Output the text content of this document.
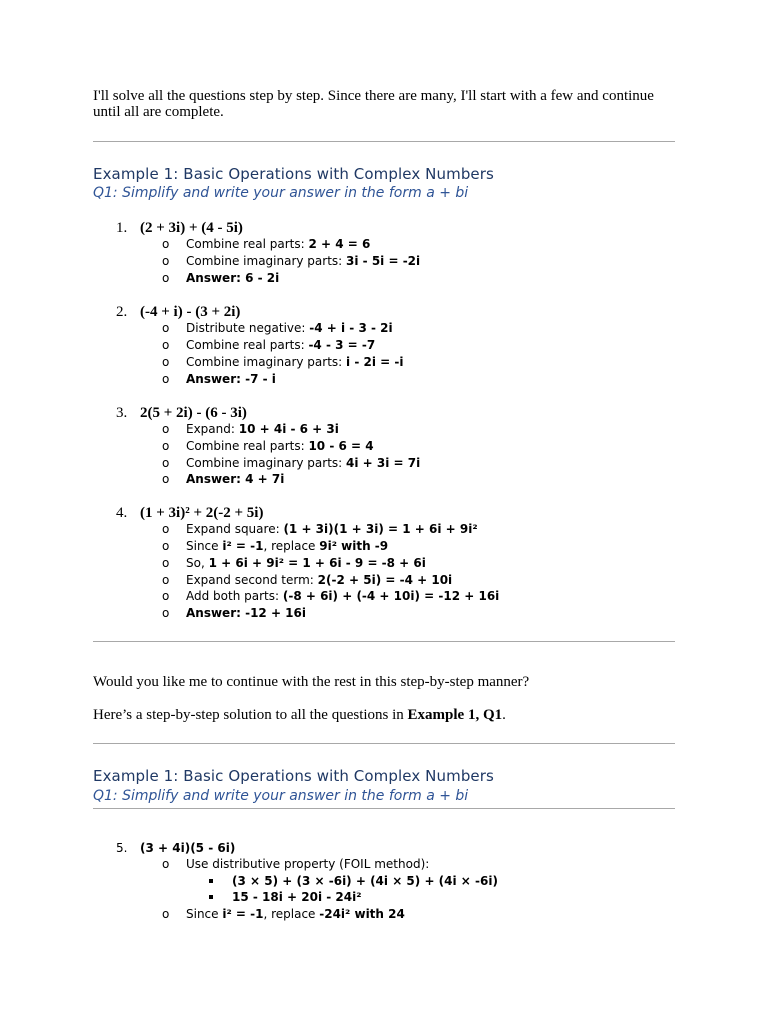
I'll solve all the questions step by step. Since there are many, I'll start with a few and continue until all are complete.
Example 1: Basic Operations with Complex Numbers
Q1: Simplify and write your answer in the form a + bi
1. (2 + 3i) + (4 - 5i)
o Combine real parts: 2 + 4 = 6
o Combine imaginary parts: 3i - 5i = -2i
o Answer: 6 - 2i
2. (-4 + i) - (3 + 2i)
o Distribute negative: -4 + i - 3 - 2i
o Combine real parts: -4 - 3 = -7
o Combine imaginary parts: i - 2i = -i
o Answer: -7 - i
3. 2(5 + 2i) - (6 - 3i)
o Expand: 10 + 4i - 6 + 3i
o Combine real parts: 10 - 6 = 4
o Combine imaginary parts: 4i + 3i = 7i
o Answer: 4 + 7i
4. (1 + 3i)² + 2(-2 + 5i)
o Expand square: (1 + 3i)(1 + 3i) = 1 + 6i + 9i²
o Since i² = -1, replace 9i² with -9
o So, 1 + 6i + 9i² = 1 + 6i - 9 = -8 + 6i
o Expand second term: 2(-2 + 5i) = -4 + 10i
o Add both parts: (-8 + 6i) + (-4 + 10i) = -12 + 16i
o Answer: -12 + 16i
Would you like me to continue with the rest in this step-by-step manner?
Here’s a step-by-step solution to all the questions in Example 1, Q1.
Example 1: Basic Operations with Complex Numbers
Q1: Simplify and write your answer in the form a + bi
5. (3 + 4i)(5 - 6i)
o Use distributive property (FOIL method):
(3 × 5) + (3 × -6i) + (4i × 5) + (4i × -6i)
15 - 18i + 20i - 24i²
o Since i² = -1, replace -24i² with 24
